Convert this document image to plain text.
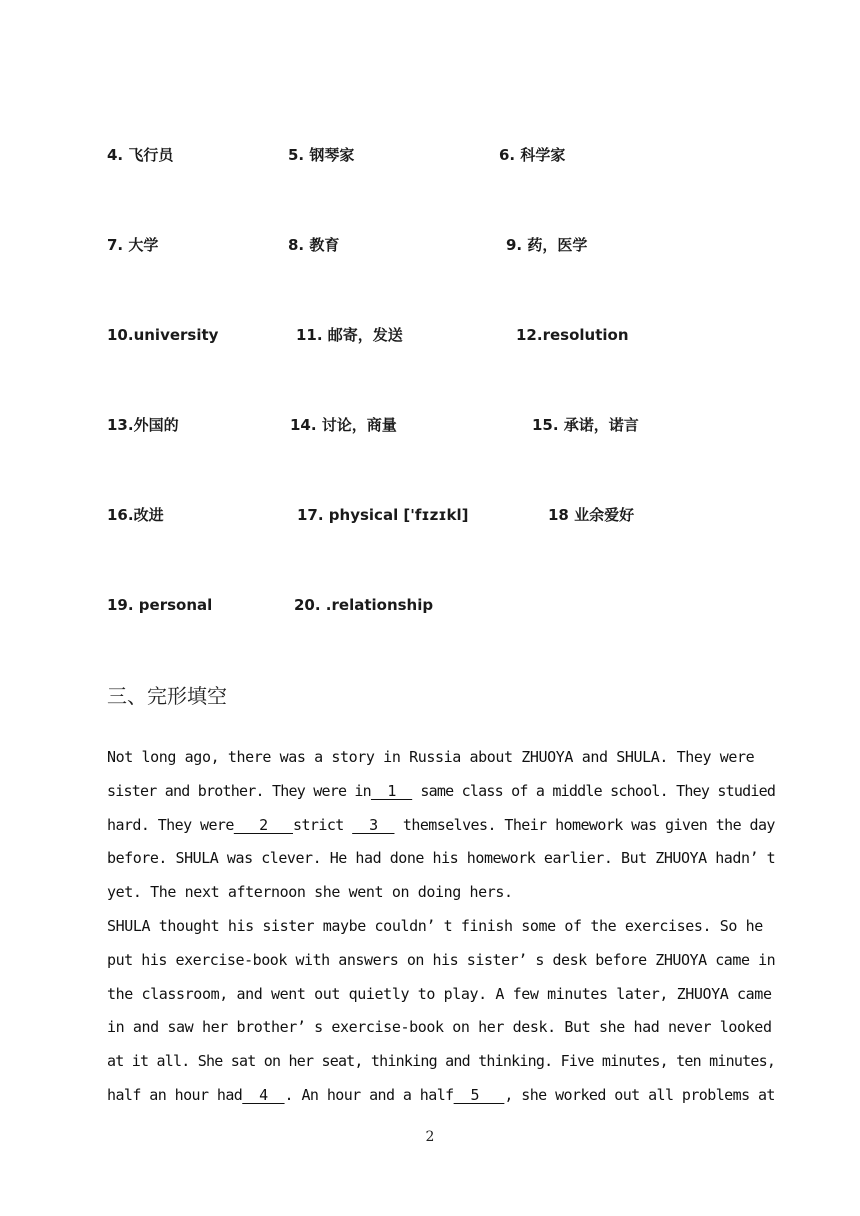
4. 飞行员	5. 钢琴家	6. 科学家
7. 大学	8. 教育	9. 药，医学
10.university	11. 邮寄，发送	12.resolution
13.外国的	14. 讨论，商量	15. 承诺，诺言
16.改进	17. physical ['fɪzɪkl]	18 业余爱好
19. personal	20. .relationship
三、完形填空
Not long ago, there was a story in Russia about ZHUOYA and SHULA. They were
sister and brother. They were in  1   same class of a middle school. They studied
hard. They were   2   strict   3   themselves. Their homework was given the day
before. SHULA was clever. He had done his homework earlier. But ZHUOYA hadn’ t
yet. The next afternoon she went on doing hers.
SHULA thought his sister maybe couldn’ t finish some of the exercises. So he
put his exercise-book with answers on his sister’ s desk before ZHUOYA came in
the classroom, and went out quietly to play. A few minutes later, ZHUOYA came
in and saw her brother’ s exercise-book on her desk. But she had never looked
at it all. She sat on her seat, thinking and thinking. Five minutes, ten minutes,
half an hour had  4  . An hour and a half  5   , she worked out all problems at
2
